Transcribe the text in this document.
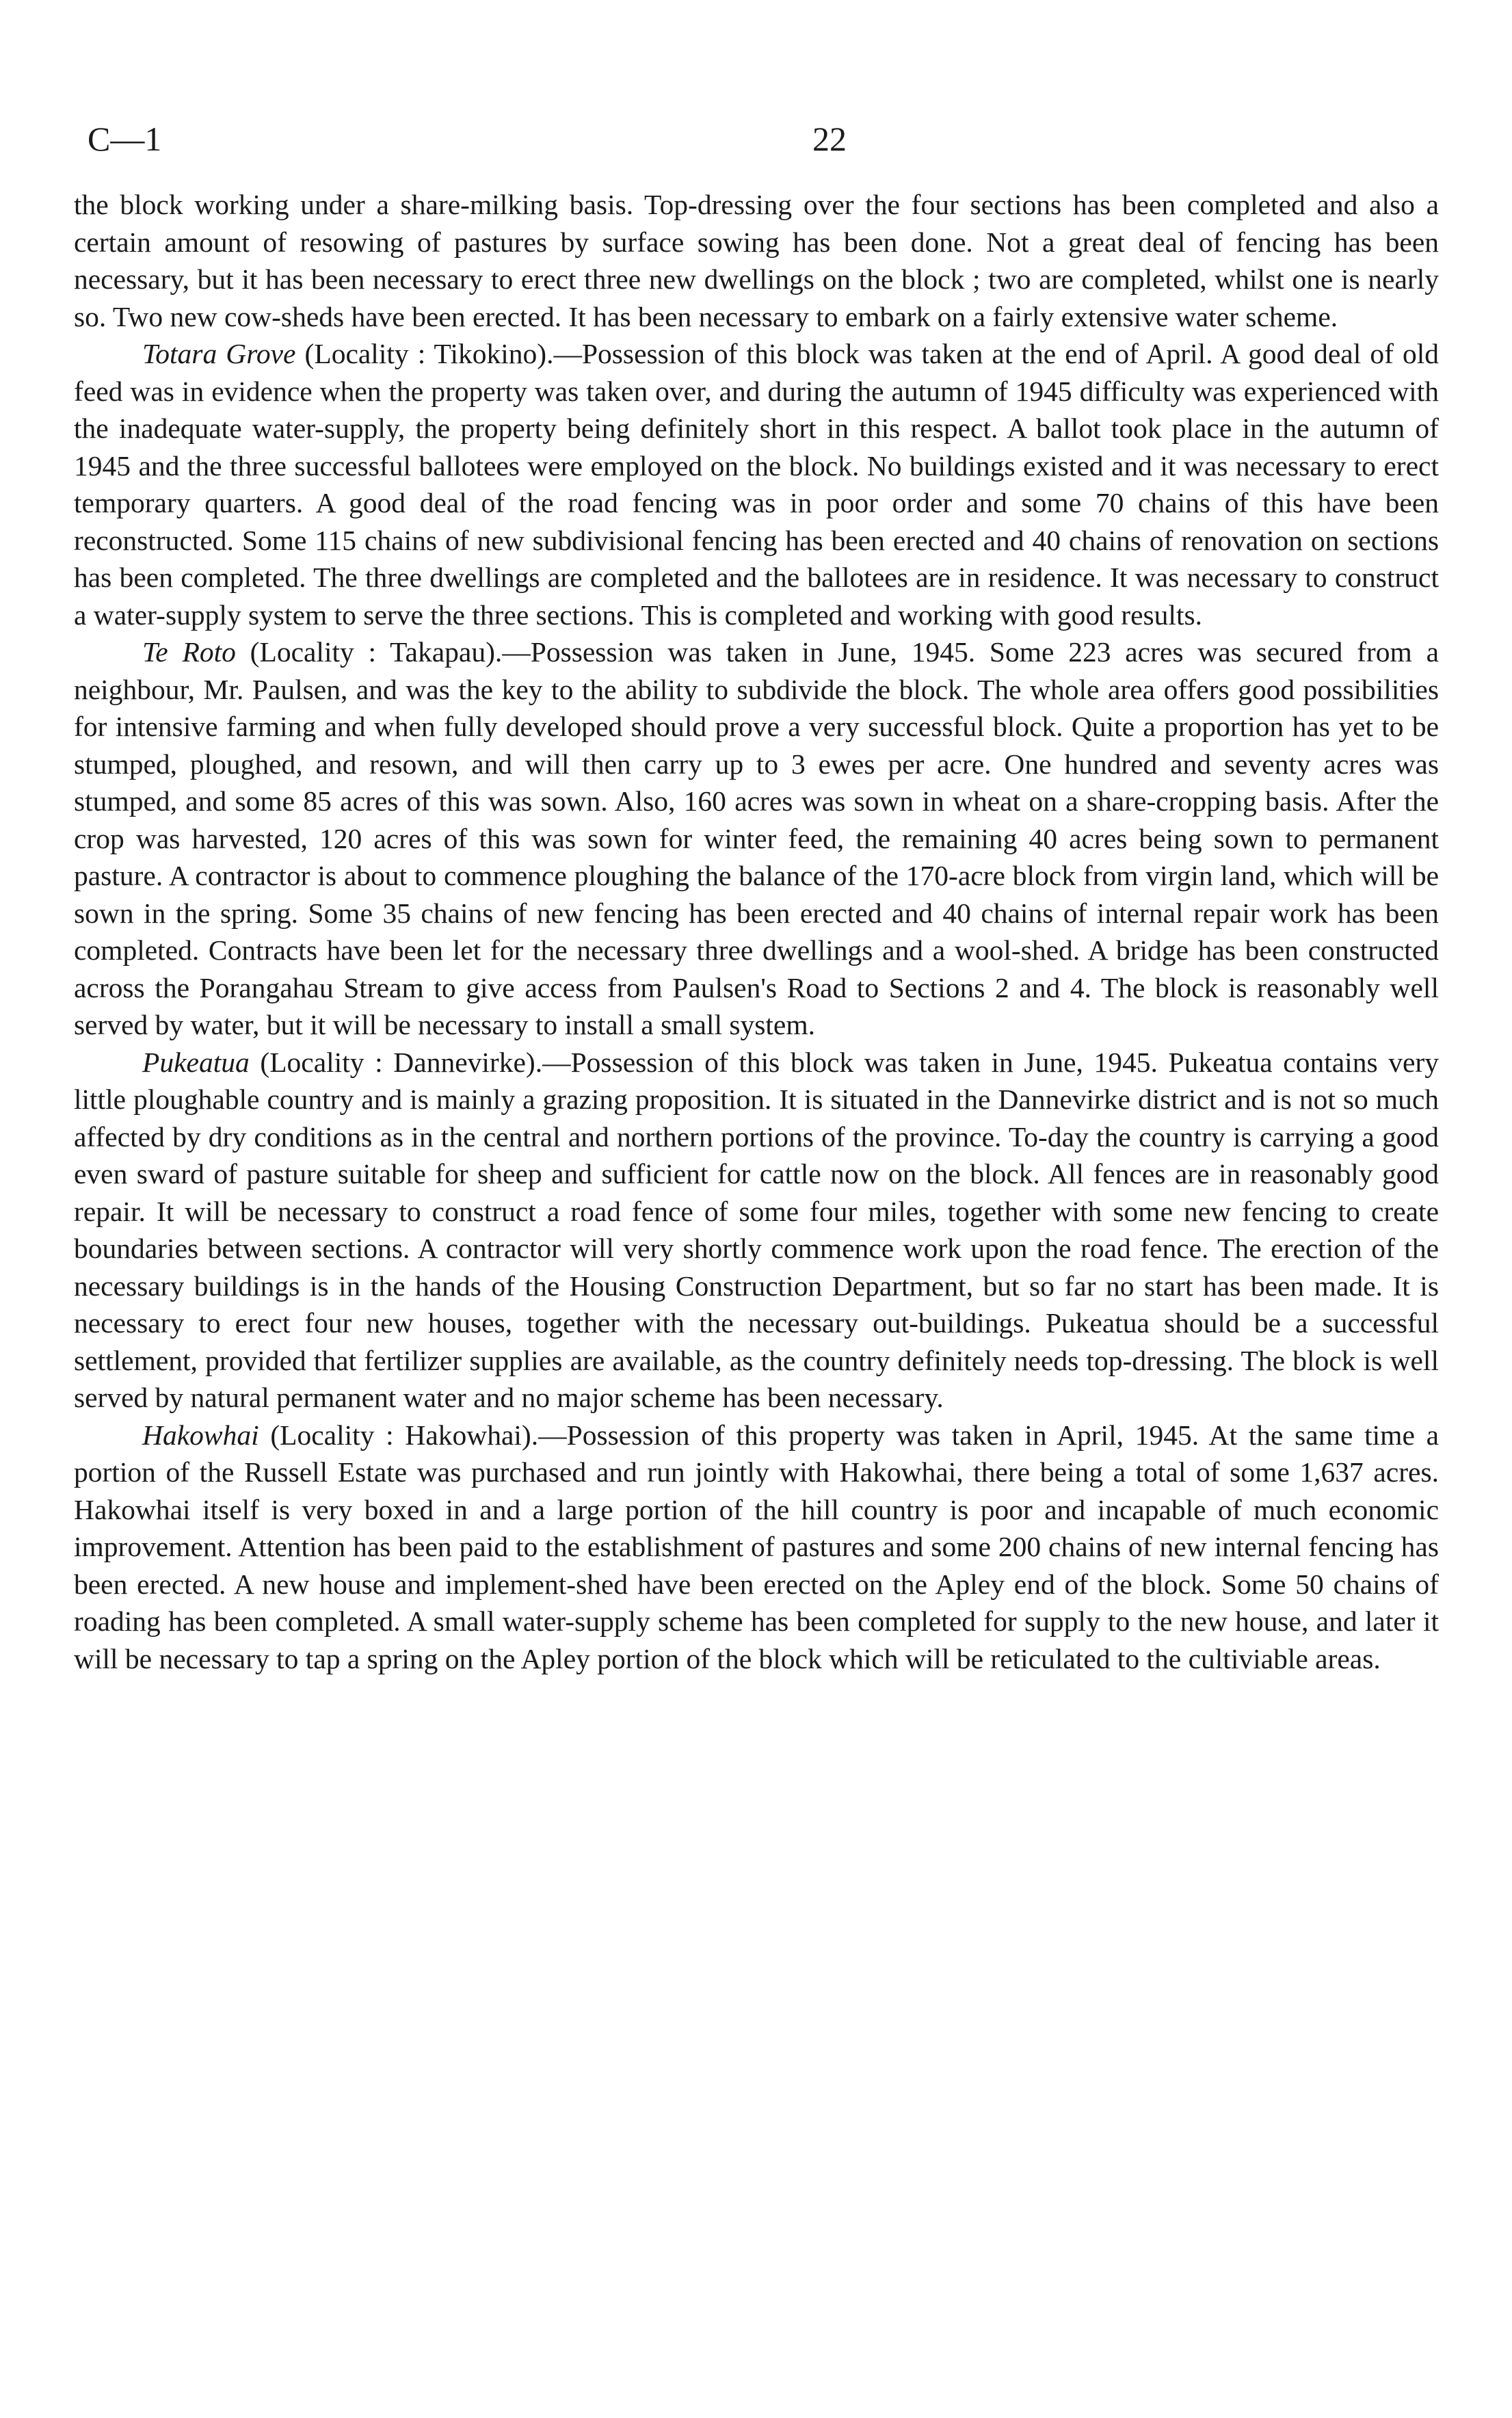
C—1	22

the block working under a share-milking basis. Top-dressing over the four sections has been completed and also a certain amount of resowing of pastures by surface sowing has been done. Not a great deal of fencing has been necessary, but it has been necessary to erect three new dwellings on the block ; two are completed, whilst one is nearly so. Two new cow-sheds have been erected. It has been necessary to embark on a fairly extensive water scheme.

Totara Grove (Locality : Tikokino).—Possession of this block was taken at the end of April. A good deal of old feed was in evidence when the property was taken over, and during the autumn of 1945 difficulty was experienced with the inadequate water-supply, the property being definitely short in this respect. A ballot took place in the autumn of 1945 and the three successful ballotees were employed on the block. No buildings existed and it was necessary to erect temporary quarters. A good deal of the road fencing was in poor order and some 70 chains of this have been reconstructed. Some 115 chains of new subdivisional fencing has been erected and 40 chains of renovation on sections has been completed. The three dwellings are completed and the ballotees are in residence. It was necessary to construct a water-supply system to serve the three sections. This is completed and working with good results.

Te Roto (Locality : Takapau).—Possession was taken in June, 1945. Some 223 acres was secured from a neighbour, Mr. Paulsen, and was the key to the ability to subdivide the block. The whole area offers good possibilities for intensive farming and when fully developed should prove a very successful block. Quite a proportion has yet to be stumped, ploughed, and resown, and will then carry up to 3 ewes per acre. One hundred and seventy acres was stumped, and some 85 acres of this was sown. Also, 160 acres was sown in wheat on a share-cropping basis. After the crop was harvested, 120 acres of this was sown for winter feed, the remaining 40 acres being sown to permanent pasture. A contractor is about to commence ploughing the balance of the 170-acre block from virgin land, which will be sown in the spring. Some 35 chains of new fencing has been erected and 40 chains of internal repair work has been completed. Contracts have been let for the necessary three dwellings and a wool-shed. A bridge has been constructed across the Porangahau Stream to give access from Paulsen's Road to Sections 2 and 4. The block is reasonably well served by water, but it will be necessary to install a small system.

Pukeatua (Locality : Dannevirke).—Possession of this block was taken in June, 1945. Pukeatua contains very little ploughable country and is mainly a grazing proposition. It is situated in the Dannevirke district and is not so much affected by dry conditions as in the central and northern portions of the province. To-day the country is carrying a good even sward of pasture suitable for sheep and sufficient for cattle now on the block. All fences are in reasonably good repair. It will be necessary to construct a road fence of some four miles, together with some new fencing to create boundaries between sections. A contractor will very shortly commence work upon the road fence. The erection of the necessary buildings is in the hands of the Housing Construction Department, but so far no start has been made. It is necessary to erect four new houses, together with the necessary out-buildings. Pukeatua should be a successful settlement, provided that fertilizer supplies are available, as the country definitely needs top-dressing. The block is well served by natural permanent water and no major scheme has been necessary.

Hakowhai (Locality : Hakowhai).—Possession of this property was taken in April, 1945. At the same time a portion of the Russell Estate was purchased and run jointly with Hakowhai, there being a total of some 1,637 acres. Hakowhai itself is very boxed in and a large portion of the hill country is poor and incapable of much economic improvement. Attention has been paid to the establishment of pastures and some 200 chains of new internal fencing has been erected. A new house and implement-shed have been erected on the Apley end of the block. Some 50 chains of roading has been completed. A small water-supply scheme has been completed for supply to the new house, and later it will be necessary to tap a spring on the Apley portion of the block which will be reticulated to the cultiviable areas.
